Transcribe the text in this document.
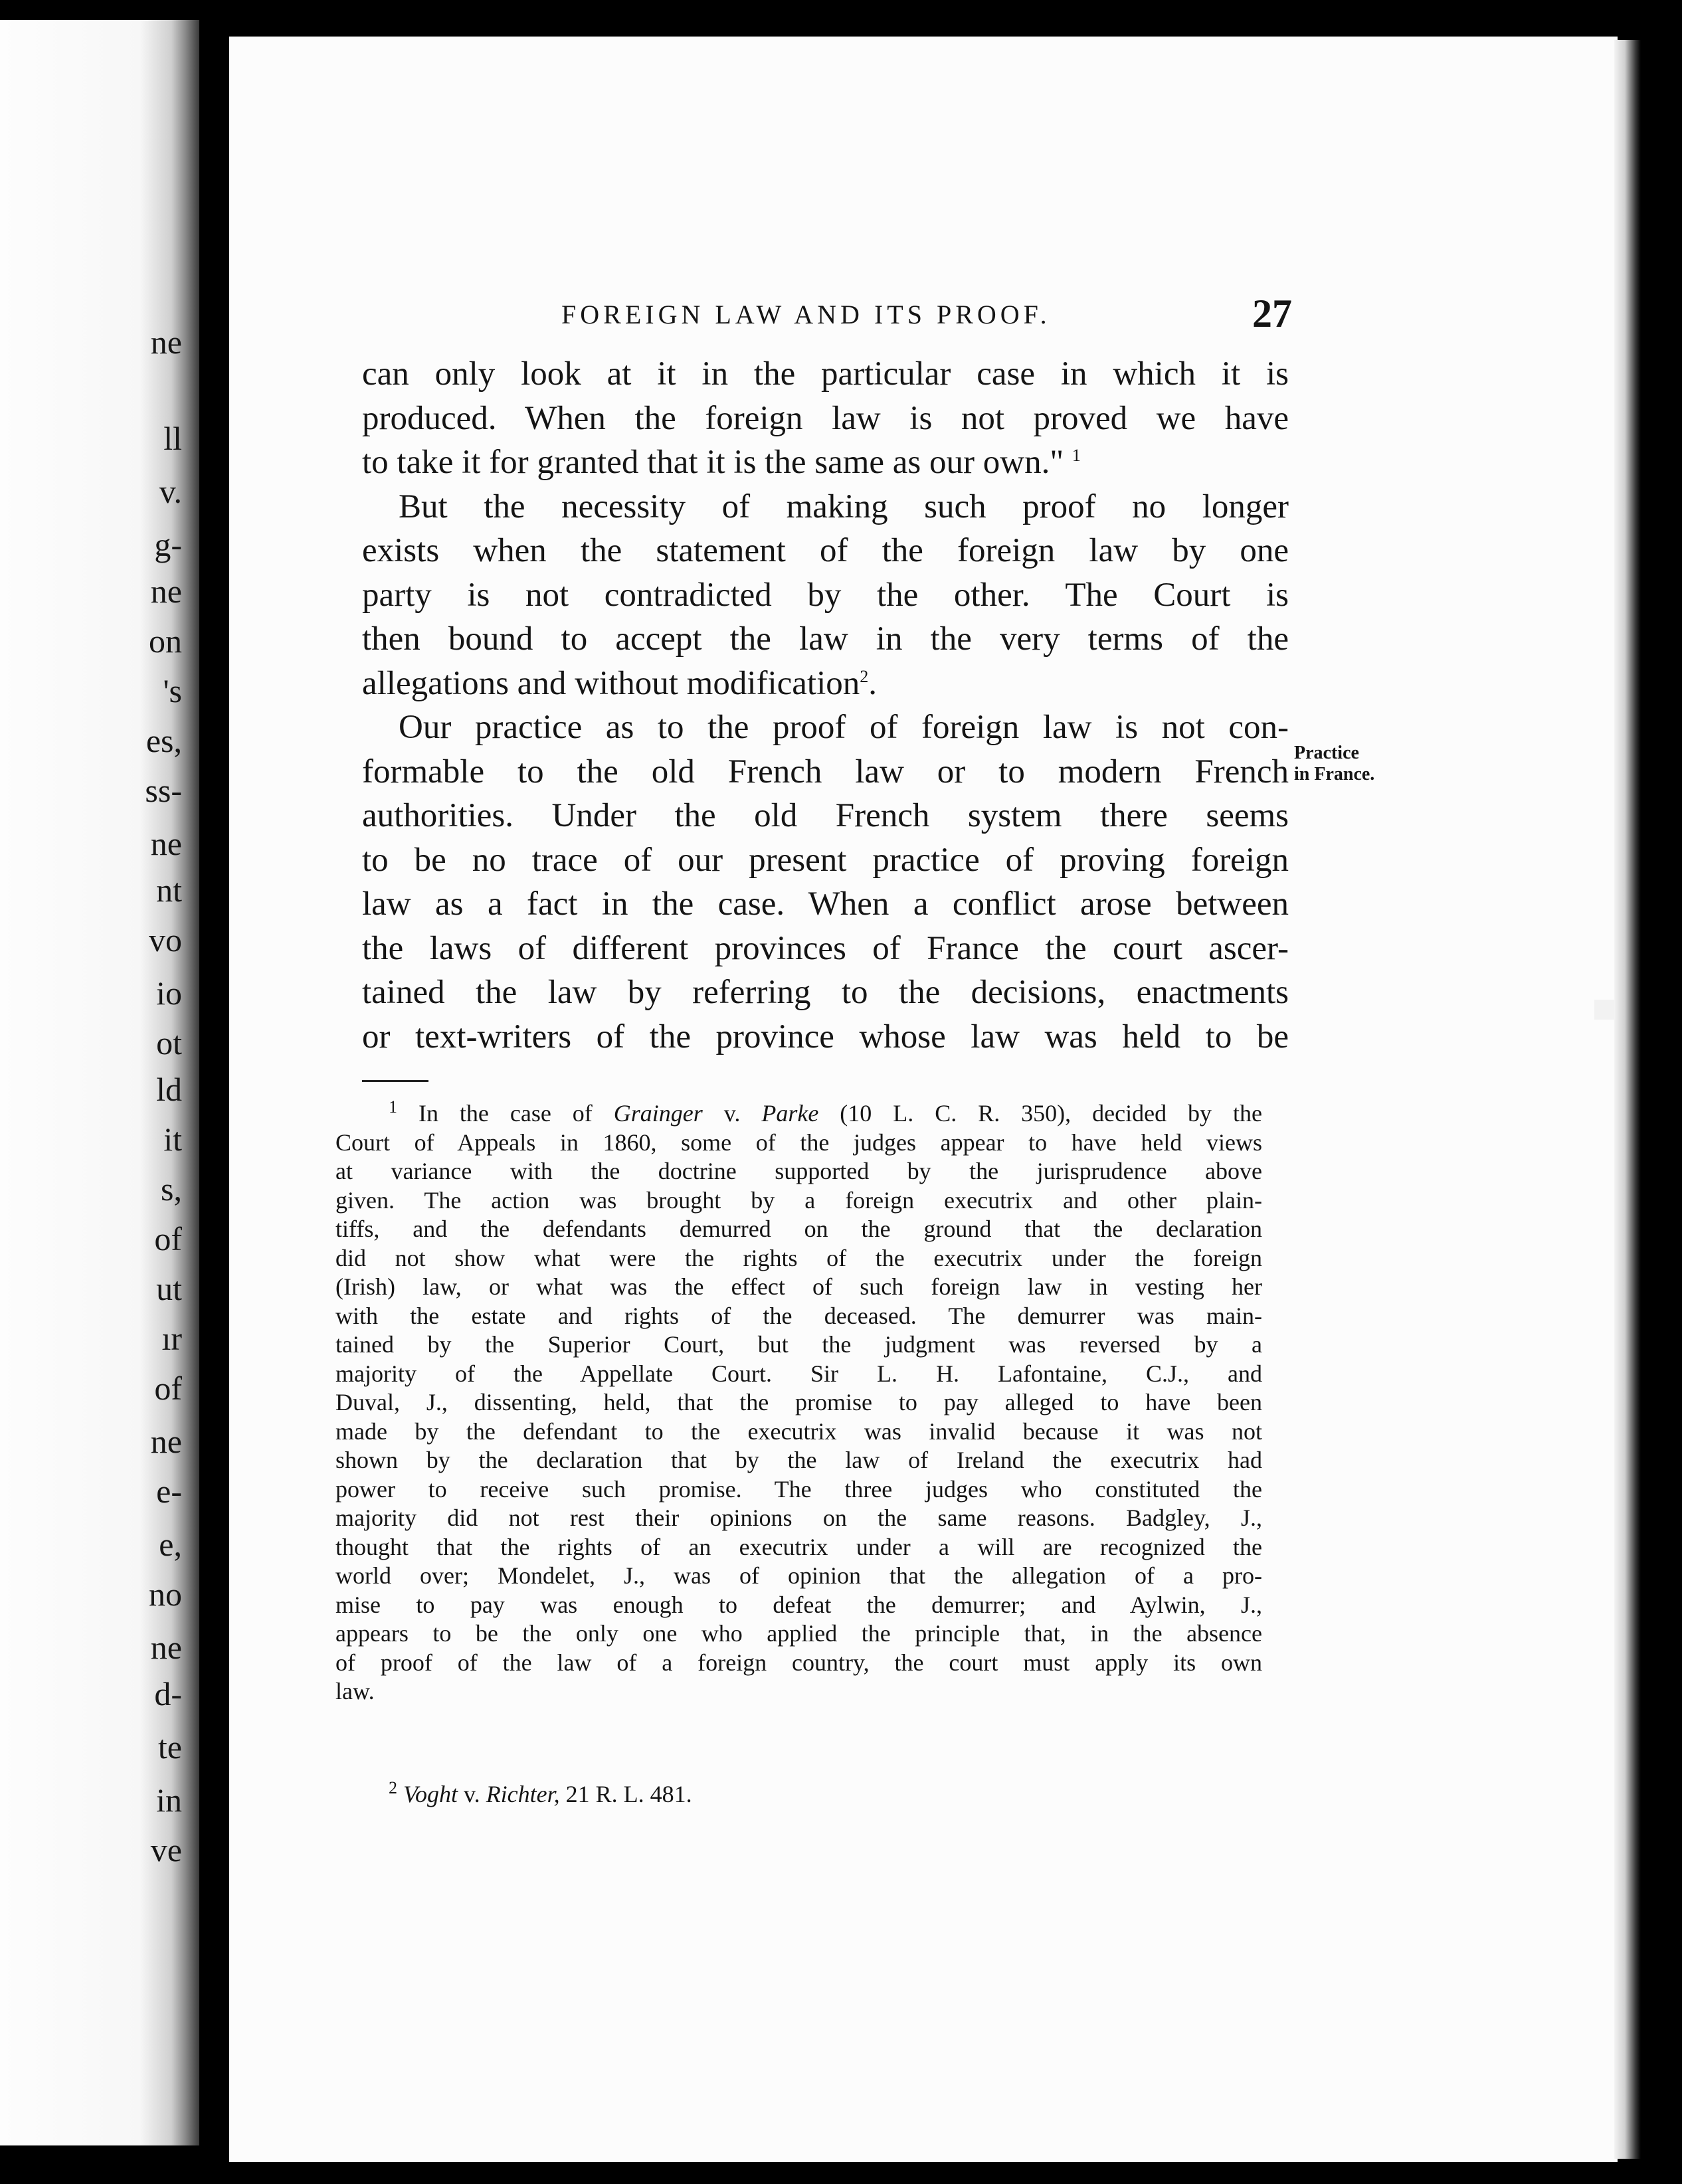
ne
ll
v.
g-
ne
on
's
es,
ss-
ne
nt
vo
io
ot
ld
it
s,
of
ut
ır
of
ne
e-
e,
no
ne
d-
te
in
ve
FOREIGN LAW AND ITS PROOF.	27
can only look at it in the particular case in which it is
produced. When the foreign law is not proved we have
to take it for granted that it is the same as our own." $^1$
But the necessity of making such proof no longer
exists when the statement of the foreign law by one
party is not contradicted by the other. The Court is
then bound to accept the law in the very terms of the
allegations and without modification$^2$.
Our practice as to the proof of foreign law is not con-
formable to the old French law or to modern French
authorities. Under the old French system there seems
to be no trace of our present practice of proving foreign
law as a fact in the case. When a conflict arose between
the laws of different provinces of France the court ascer-
tained the law by referring to the decisions, enactments
or text-writers of the province whose law was held to be
Practice
in France.
$^1$ In the case of Grainger v. Parke (10 L. C. R. 350), decided by the
Court of Appeals in 1860, some of the judges appear to have held views
at variance with the doctrine supported by the jurisprudence above
given. The action was brought by a foreign executrix and other plain-
tiffs, and the defendants demurred on the ground that the declaration
did not show what were the rights of the executrix under the foreign
(Irish) law, or what was the effect of such foreign law in vesting her
with the estate and rights of the deceased. The demurrer was main-
tained by the Superior Court, but the judgment was reversed by a
majority of the Appellate Court. Sir L. H. Lafontaine, C.J., and
Duval, J., dissenting, held, that the promise to pay alleged to have been
made by the defendant to the executrix was invalid because it was not
shown by the declaration that by the law of Ireland the executrix had
power to receive such promise. The three judges who constituted the
majority did not rest their opinions on the same reasons. Badgley, J.,
thought that the rights of an executrix under a will are recognized the
world over; Mondelet, J., was of opinion that the allegation of a pro-
mise to pay was enough to defeat the demurrer; and Aylwin, J.,
appears to be the only one who applied the principle that, in the absence
of proof of the law of a foreign country, the court must apply its own
law.
$^2$ Voght v. Richter, 21 R. L. 481.
